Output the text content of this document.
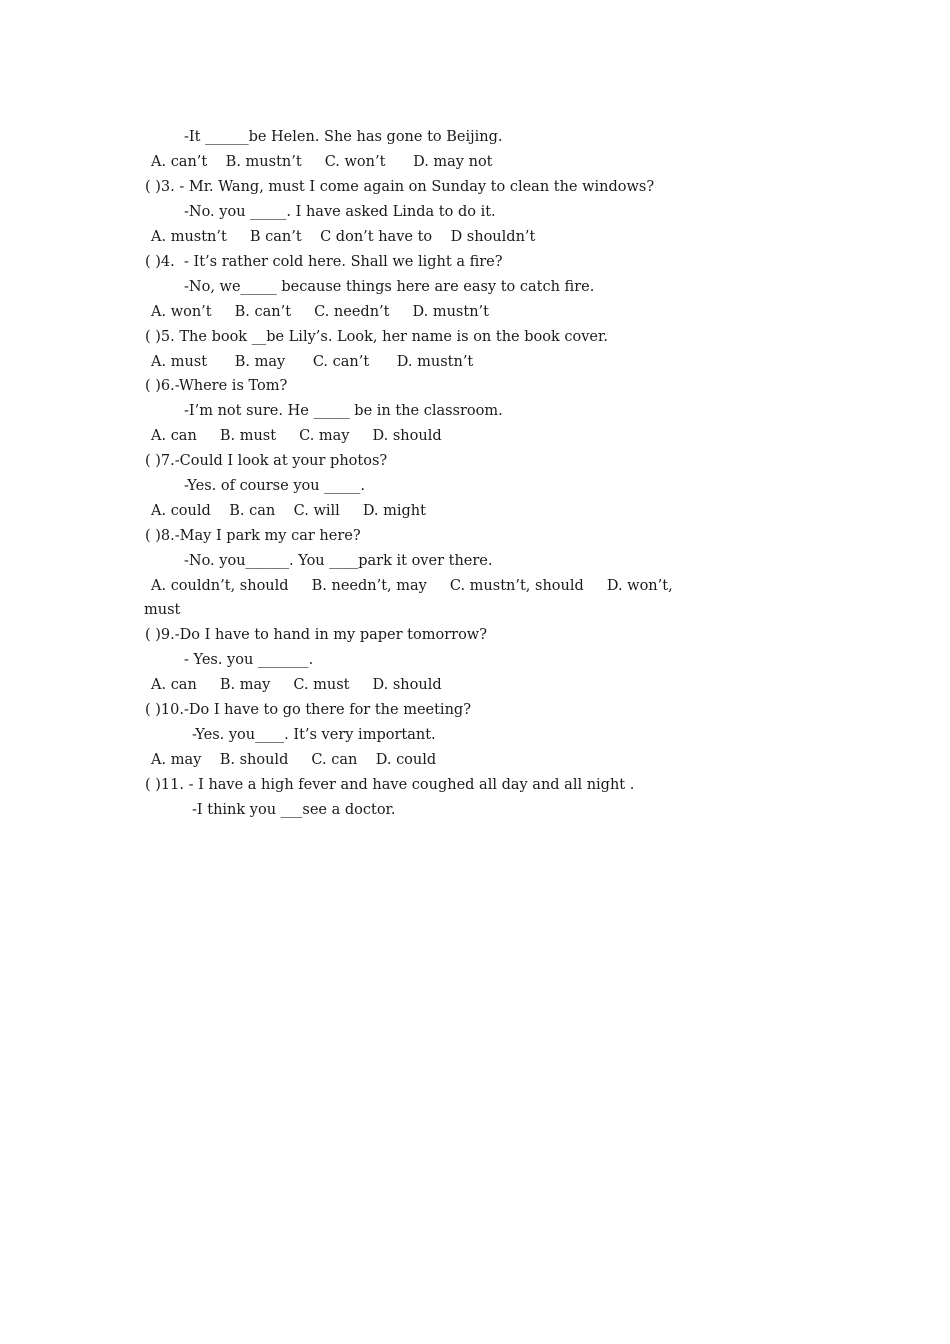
-It ______be Helen. She has gone to Beijing.
A. can’t    B. mustn’t     C. won’t      D. may not
( )3. - Mr. Wang, must I come again on Sunday to clean the windows?
-No. you _____. I have asked Linda to do it.
A. mustn’t     B can’t    C don’t have to    D shouldn’t
( )4.  - It’s rather cold here. Shall we light a fire?
-No, we_____ because things here are easy to catch fire.
A. won’t     B. can’t     C. needn’t     D. mustn’t
( )5. The book __be Lily’s. Look, her name is on the book cover.
A. must      B. may      C. can’t      D. mustn’t
( )6.-Where is Tom?
-I’m not sure. He _____ be in the classroom.
A. can     B. must     C. may     D. should
( )7.-Could I look at your photos?
-Yes. of course you _____.
A. could    B. can    C. will     D. might
( )8.-May I park my car here?
-No. you______. You ____park it over there.
A. couldn’t, should     B. needn’t, may     C. mustn’t, should     D. won’t,
must
( )9.-Do I have to hand in my paper tomorrow?
- Yes. you _______.
A. can     B. may     C. must     D. should
( )10.-Do I have to go there for the meeting?
-Yes. you____. It’s very important.
A. may    B. should     C. can    D. could
( )11. - I have a high fever and have coughed all day and all night .
-I think you ___see a doctor.
